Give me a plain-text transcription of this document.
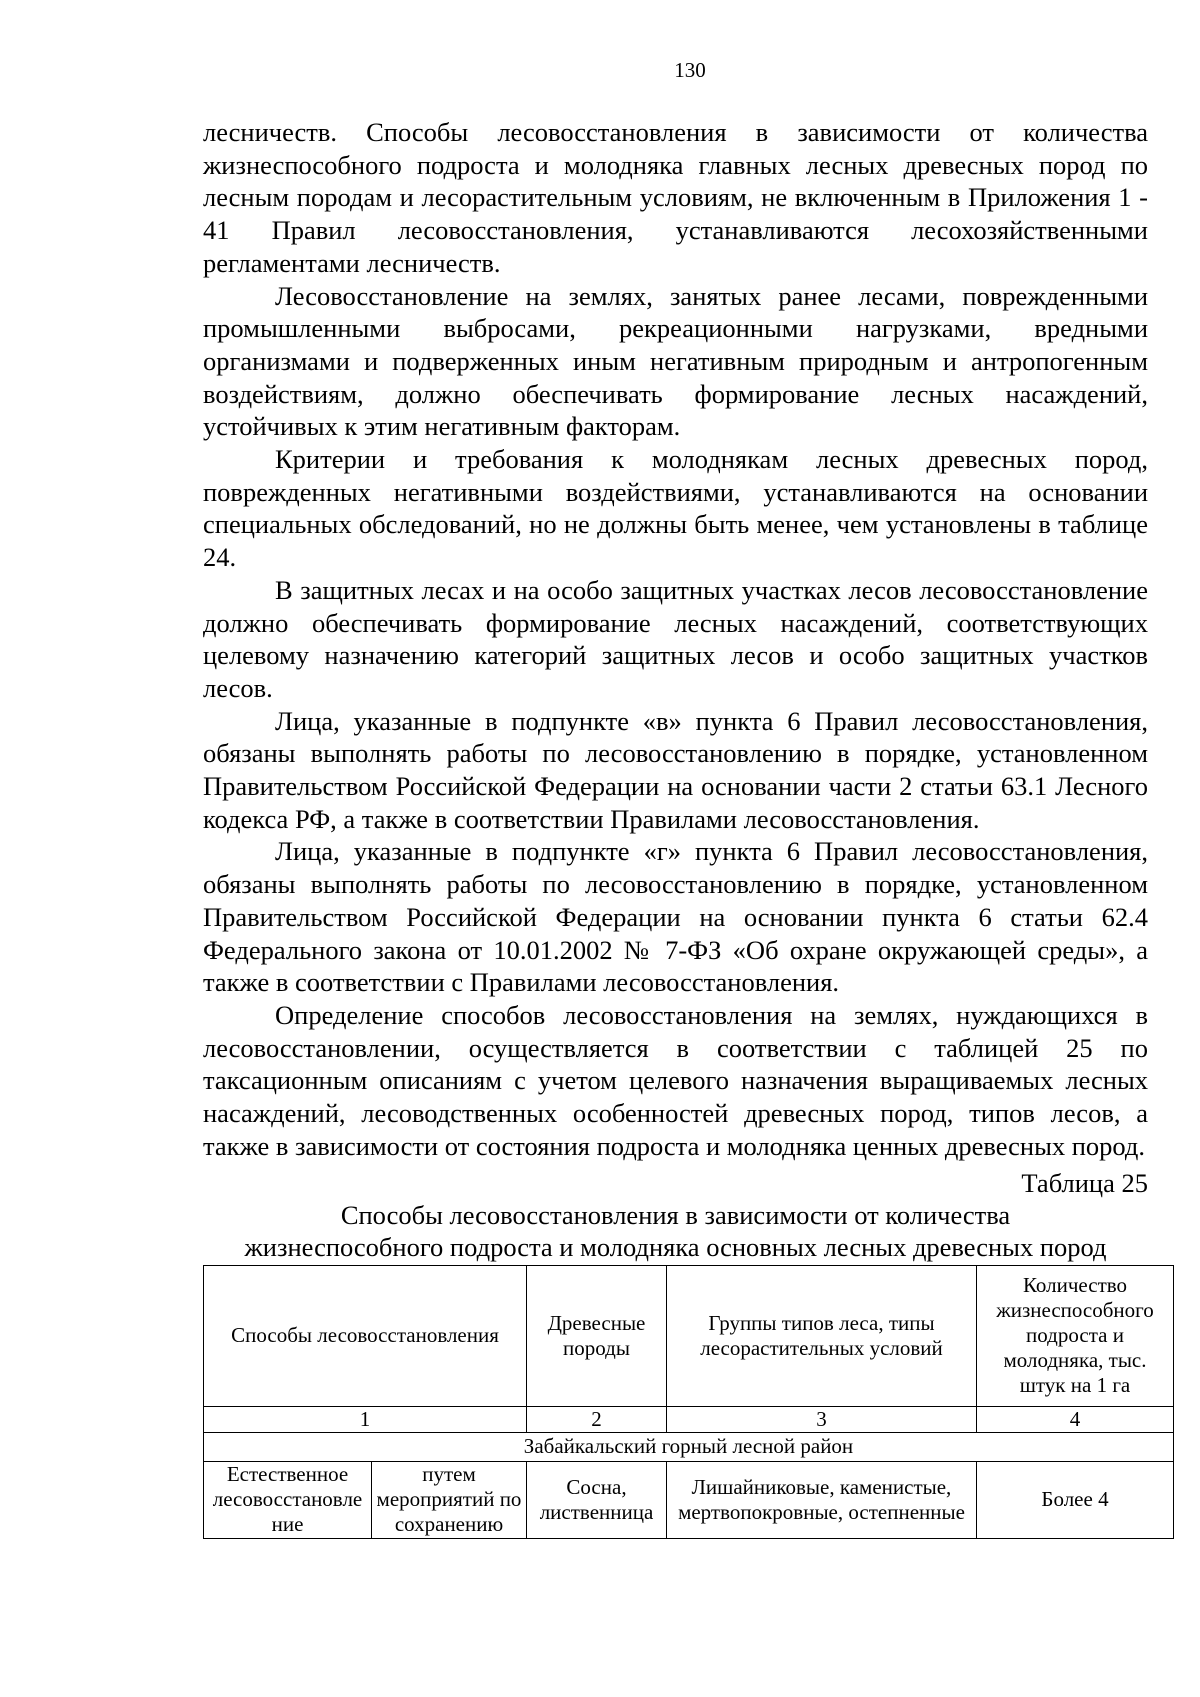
130

лесничеств. Способы лесовосстановления в зависимости от количества жизнеспособного подроста и молодняка главных лесных древесных пород по лесным породам и лесорастительным условиям, не включенным в Приложения 1 - 41 Правил лесовосстановления, устанавливаются лесохозяйственными регламентами лесничеств.

Лесовосстановление на землях, занятых ранее лесами, поврежденными промышленными выбросами, рекреационными нагрузками, вредными организмами и подверженных иным негативным природным и антропогенным воздействиям, должно обеспечивать формирование лесных насаждений, устойчивых к этим негативным факторам.

Критерии и требования к молоднякам лесных древесных пород, поврежденных негативными воздействиями, устанавливаются на основании специальных обследований, но не должны быть менее, чем установлены в таблице 24.

В защитных лесах и на особо защитных участках лесов лесовосстановление должно обеспечивать формирование лесных насаждений, соответствующих целевому назначению категорий защитных лесов и особо защитных участков лесов.

Лица, указанные в подпункте «в» пункта 6 Правил лесовосстановления, обязаны выполнять работы по лесовосстановлению в порядке, установленном Правительством Российской Федерации на основании части 2 статьи 63.1 Лесного кодекса РФ, а также в соответствии Правилами лесовосстановления.

Лица, указанные в подпункте «г» пункта 6 Правил лесовосстановления, обязаны выполнять работы по лесовосстановлению в порядке, установленном Правительством Российской Федерации на основании пункта 6 статьи 62.4 Федерального закона от 10.01.2002 № 7-ФЗ «Об охране окружающей среды», а также в соответствии с Правилами лесовосстановления.

Определение способов лесовосстановления на землях, нуждающихся в лесовосстановлении, осуществляется в соответствии с таблицей 25 по таксационным описаниям с учетом целевого назначения выращиваемых лесных насаждений, лесоводственных особенностей древесных пород, типов лесов, а также в зависимости от состояния подроста и молодняка ценных древесных пород.

Таблица 25
Способы лесовосстановления в зависимости от количества
жизнеспособного подроста и молодняка основных лесных древесных пород
Способы лесовосстановления		Древесные породы	Группы типов леса, типы лесорастительных условий	Количество жизнеспособного подроста и молодняка, тыс. штук на 1 га
1		2	3	4
Забайкальский горный лесной район				
Естественное лесовосстановле ние	путем мероприятий по сохранению	Сосна, лиственница	Лишайниковые, каменистые, мертвопокровные, остепненные	Более 4
